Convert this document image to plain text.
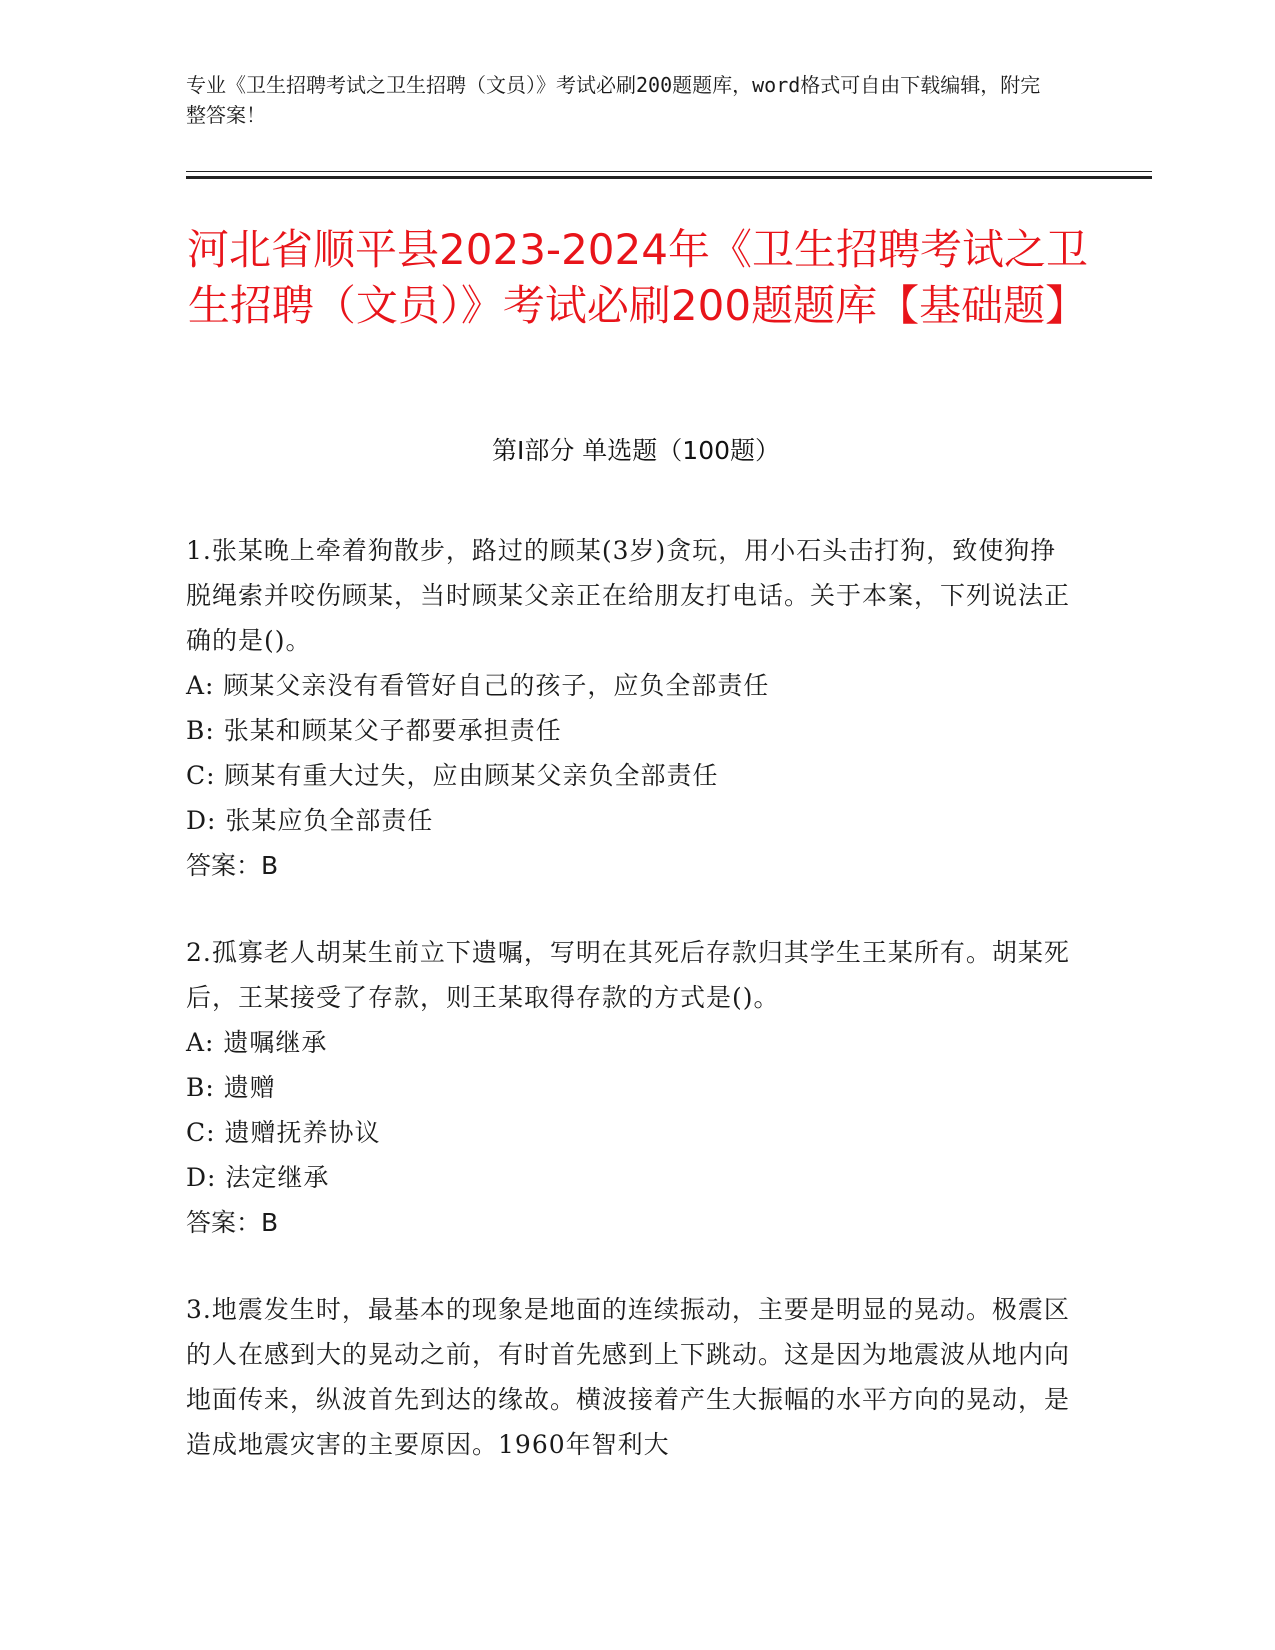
专业《卫生招聘考试之卫生招聘（文员）》考试必刷200题题库，word格式可自由下载编辑，附完整答案！
河北省顺平县2023-2024年《卫生招聘考试之卫生招聘（文员）》考试必刷200题题库【基础题】
第I部分 单选题（100题）

1.张某晚上牵着狗散步，路过的顾某(3岁)贪玩，用小石头击打狗，致使狗挣脱绳索并咬伤顾某，当时顾某父亲正在给朋友打电话。关于本案，下列说法正确的是()。

A: 顾某父亲没有看管好自己的孩子，应负全部责任

B: 张某和顾某父子都要承担责任

C: 顾某有重大过失，应由顾某父亲负全部责任

D: 张某应负全部责任

答案：B

2.孤寡老人胡某生前立下遗嘱，写明在其死后存款归其学生王某所有。胡某死后，王某接受了存款，则王某取得存款的方式是()。

A: 遗嘱继承

B: 遗赠

C: 遗赠抚养协议

D: 法定继承

答案：B

3.地震发生时，最基本的现象是地面的连续振动，主要是明显的晃动。极震区的人在感到大的晃动之前，有时首先感到上下跳动。这是因为地震波从地内向地面传来，纵波首先到达的缘故。横波接着产生大振幅的水平方向的晃动，是造成地震灾害的主要原因。1960年智利大
